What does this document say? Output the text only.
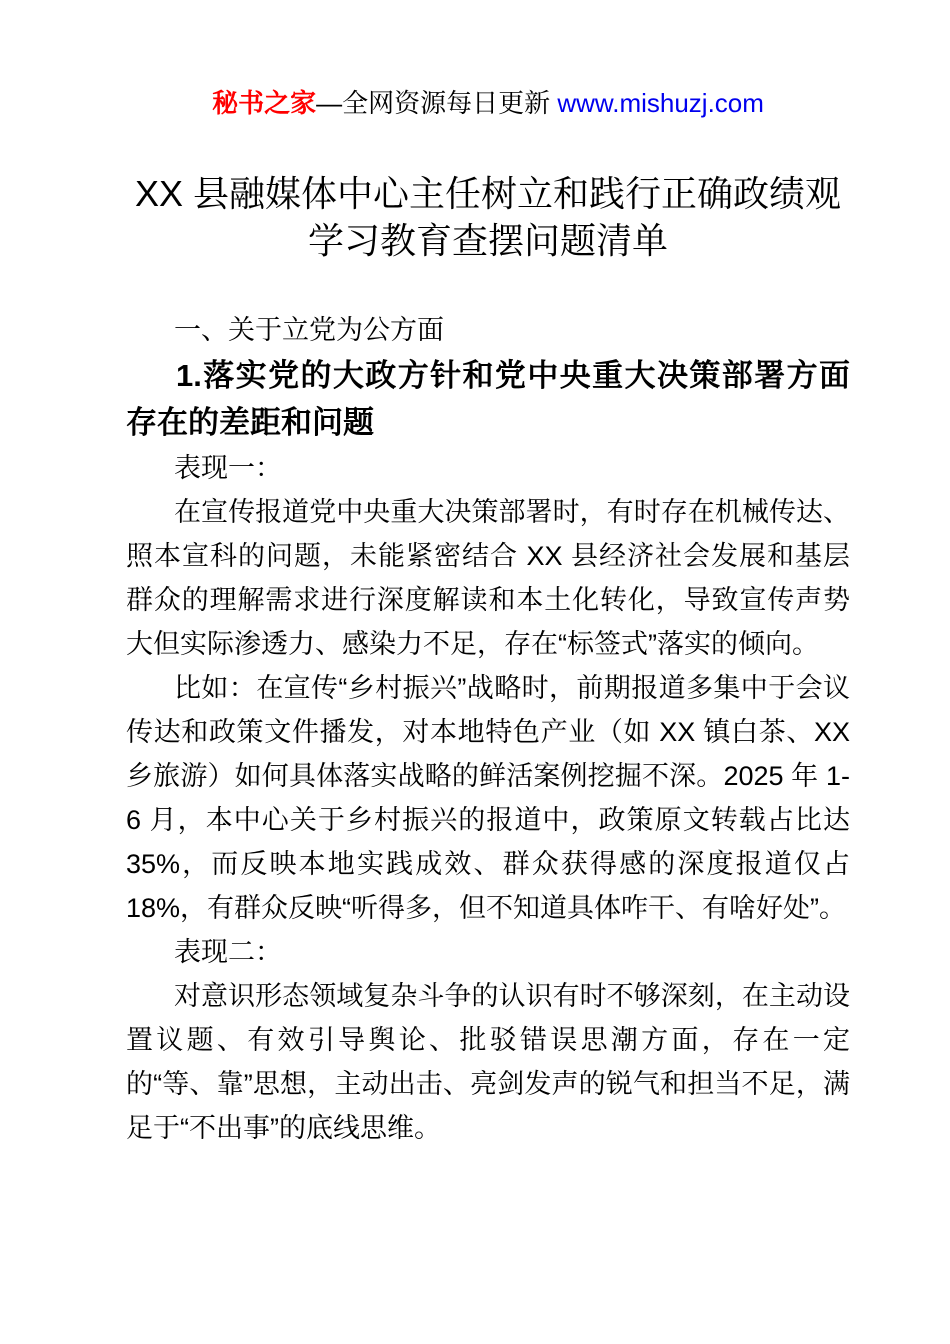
秘书之家—全网资源每日更新 www.mishuzj.com
XX 县融媒体中心主任树立和践行正确政绩观学习教育查摆问题清单

一、关于立党为公方面

1.落实党的大政方针和党中央重大决策部署方面存在的差距和问题

表现一：

在宣传报道党中央重大决策部署时，有时存在机械传达、照本宣科的问题，未能紧密结合 XX 县经济社会发展和基层群众的理解需求进行深度解读和本土化转化，导致宣传声势大但实际渗透力、感染力不足，存在“标签式”落实的倾向。

比如：在宣传“乡村振兴”战略时，前期报道多集中于会议传达和政策文件播发，对本地特色产业（如 XX 镇白茶、XX 乡旅游）如何具体落实战略的鲜活案例挖掘不深。2025 年 1-6 月，本中心关于乡村振兴的报道中，政策原文转载占比达 35%，而反映本地实践成效、群众获得感的深度报道仅占 18%，有群众反映“听得多，但不知道具体咋干、有啥好处”。

表现二：

对意识形态领域复杂斗争的认识有时不够深刻，在主动设置议题、有效引导舆论、批驳错误思潮方面，存在一定的“等、靠”思想，主动出击、亮剑发声的锐气和担当不足，满足于“不出事”的底线思维。
